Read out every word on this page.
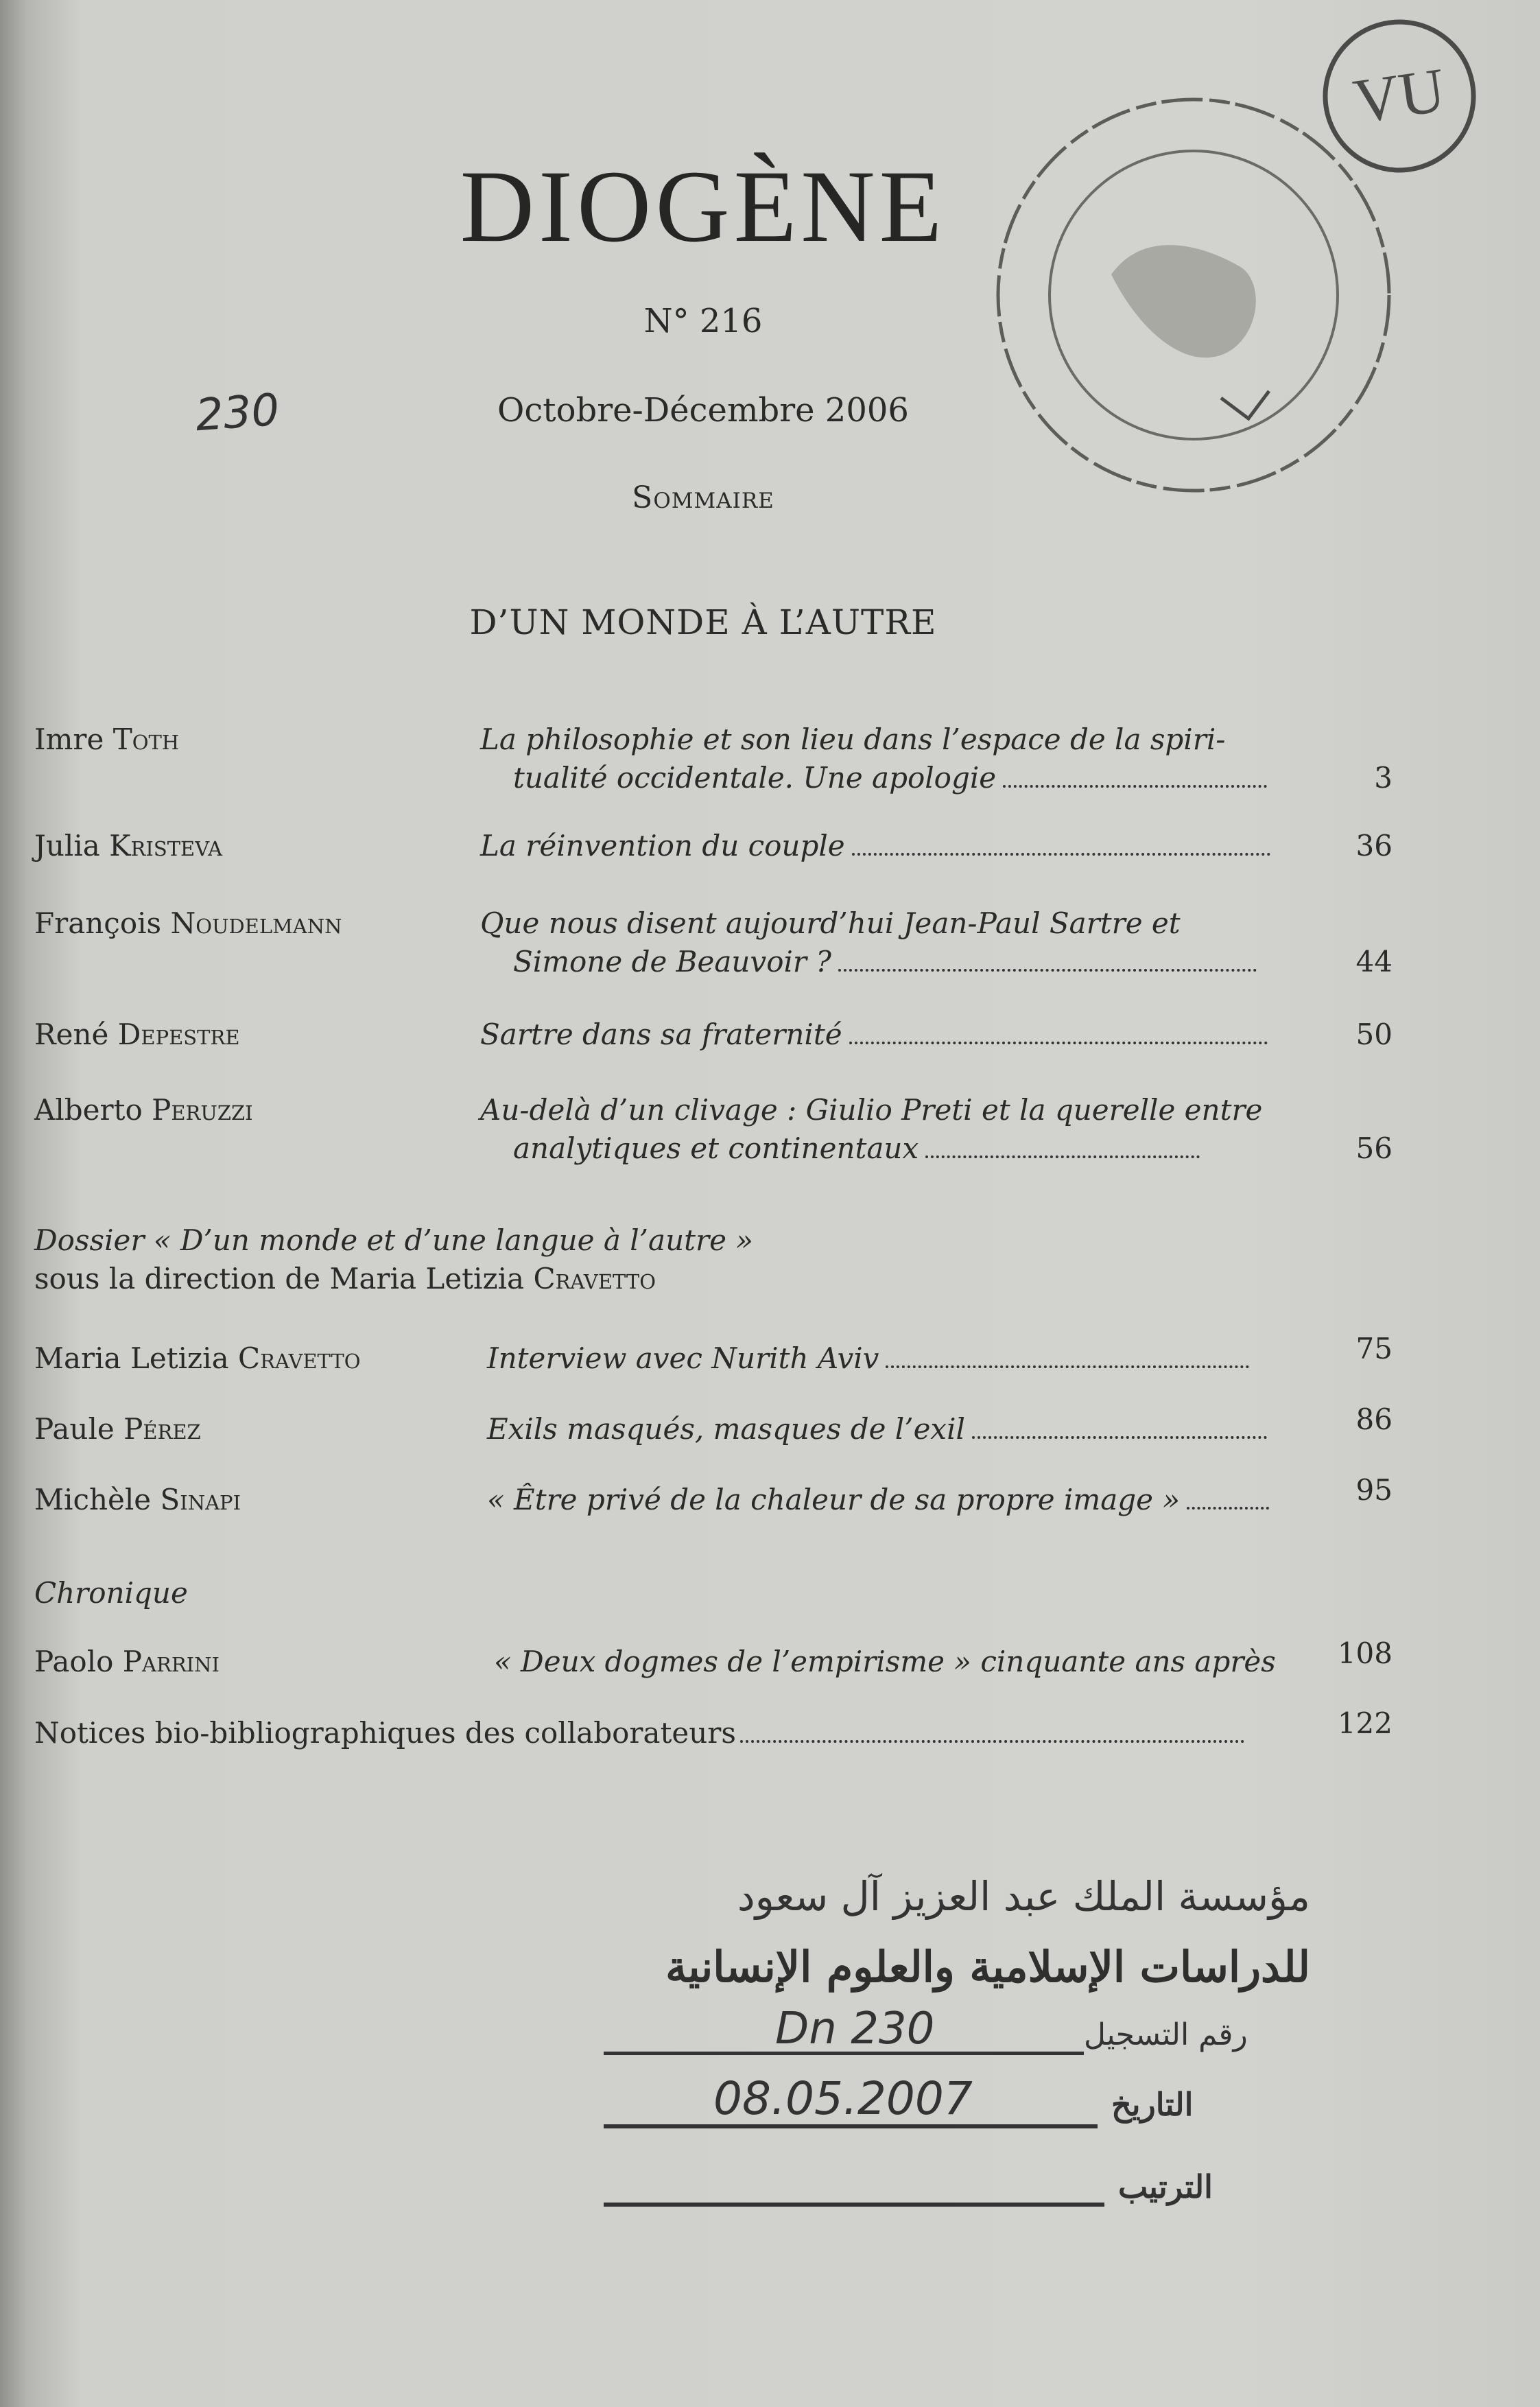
DIOGÈNE
N° 216
230	Octobre-Décembre 2006
Sommaire
D’UN MONDE À L’AUTRE
Imre Toth	La philosophie et son lieu dans l’espace de la spiri-
tualité occidentale. Une apologie	3
Julia Kristeva	La réinvention du couple	36
François Noudelmann	Que nous disent aujourd’hui Jean-Paul Sartre et
Simone de Beauvoir ?	44
René Depestre	Sartre dans sa fraternité	50
Alberto Peruzzi	Au-delà d’un clivage : Giulio Preti et la querelle entre
analytiques et continentaux	56
Dossier « D’un monde et d’une langue à l’autre »
sous la direction de Maria Letizia Cravetto
Maria Letizia Cravetto	Interview avec Nurith Aviv	75
Paule Pérez	Exils masqués, masques de l’exil	86
Michèle Sinapi	« Être privé de la chaleur de sa propre image »	95
Chronique
Paolo Parrini	« Deux dogmes de l’empirisme » cinquante ans après	108
Notices bio-bibliographiques des collaborateurs	122
VU
مؤسسة الملك عبد العزيز آل سعود
للدراسات الإسلامية والعلوم الإنسانية
Dn 230	رقم التسجيل
08.05.2007	التاريخ
الترتيب
